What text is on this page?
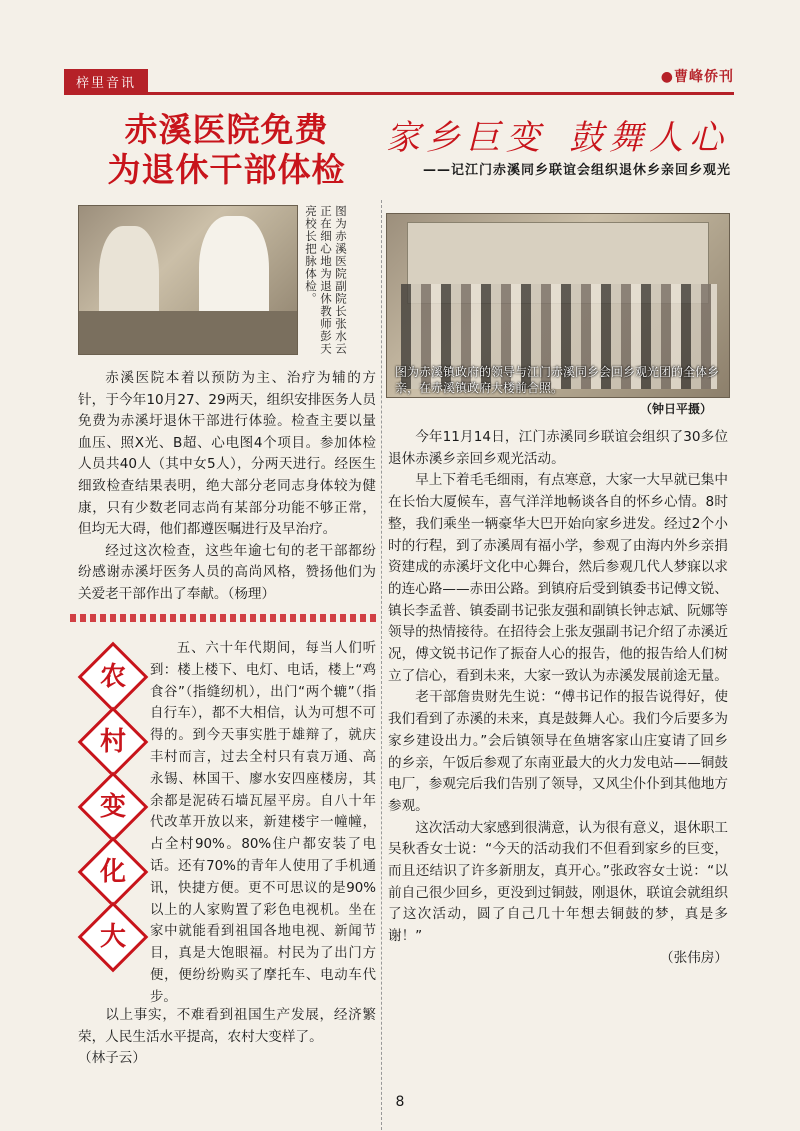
梓里音讯	●曹峰侨刊
赤溪医院免费
为退休干部体检
图为赤溪医院副院长张水云正在细心地为退休教师彭天亮校长把脉体检。

赤溪医院本着以预防为主、治疗为辅的方针，于今年10月27、29两天，组织安排医务人员免费为赤溪圩退休干部进行体验。检查主要以量血压、照X光、B超、心电图4个项目。参加体检人员共40人（其中女5人），分两天进行。经医生细致检查结果表明，绝大部分老同志身体较为健康，只有少数老同志尚有某部分功能不够正常，但均无大碍，他们都遵医嘱进行及早治疗。

经过这次检查，这些年逾七旬的老干部都纷纷感谢赤溪圩医务人员的高尚风格，赞扬他们为关爱老干部作出了奉献。（杨理）

农
村
变
化
大

五、六十年代期间，每当人们听到：楼上楼下、电灯、电话，楼上“鸡食谷”（指缝纫机），出门“两个辘”（指自行车），都不大相信，认为可想不可得的。到今天事实胜于雄辩了，就庆丰村而言，过去全村只有袁万通、高永锡、林国干、廖水安四座楼房，其余都是泥砖石墙瓦屋平房。自八十年代改革开放以来，新建楼宇一幢幢，占全村90%。80%住户都安装了电话。还有70%的青年人使用了手机通讯，快捷方便。更不可思议的是90%以上的人家购置了彩色电视机。坐在家中就能看到祖国各地电视、新闻节目，真是大饱眼福。村民为了出门方便，便纷纷购买了摩托车、电动车代步。

以上事实，不难看到祖国生产发展，经济繁荣，人民生活水平提高，农村大变样了。

（林子云）
家乡巨变 鼓舞人心
——记江门赤溪同乡联谊会组织退休乡亲回乡观光
图为赤溪镇政府的领导与江门赤溪同乡会回乡观光团的全体乡亲，在赤溪镇政府大楼前合照。
（钟日平摄）

今年11月14日，江门赤溪同乡联谊会组织了30多位退休赤溪乡亲回乡观光活动。

早上下着毛毛细雨，有点寒意，大家一大早就已集中在长怡大厦候车，喜气洋洋地畅谈各自的怀乡心情。8时整，我们乘坐一辆豪华大巴开始向家乡进发。经过2个小时的行程，到了赤溪周有福小学，参观了由海内外乡亲捐资建成的赤溪圩文化中心舞台，然后参观几代人梦寐以求的连心路——赤田公路。到镇府后受到镇委书记傅文锐、镇长李孟普、镇委副书记张友强和副镇长钟志斌、阮娜等领导的热情接待。在招待会上张友强副书记介绍了赤溪近况，傅文锐书记作了振奋人心的报告，他的报告给人们树立了信心，看到未来，大家一致认为赤溪发展前途无量。

老干部詹贵财先生说：“傅书记作的报告说得好，使我们看到了赤溪的未来，真是鼓舞人心。我们今后要多为家乡建设出力。”会后镇领导在鱼塘客家山庄宴请了回乡的乡亲，午饭后参观了东南亚最大的火力发电站——铜鼓电厂，参观完后我们告别了领导，又风尘仆仆到其他地方参观。

这次活动大家感到很满意，认为很有意义，退休职工吴秋香女士说：“今天的活动我们不但看到家乡的巨变，而且还结识了许多新朋友，真开心。”张政容女士说：“以前自己很少回乡，更没到过铜鼓，刚退休，联谊会就组织了这次活动，圆了自己几十年想去铜鼓的梦，真是多谢！”

（张伟房）
8
